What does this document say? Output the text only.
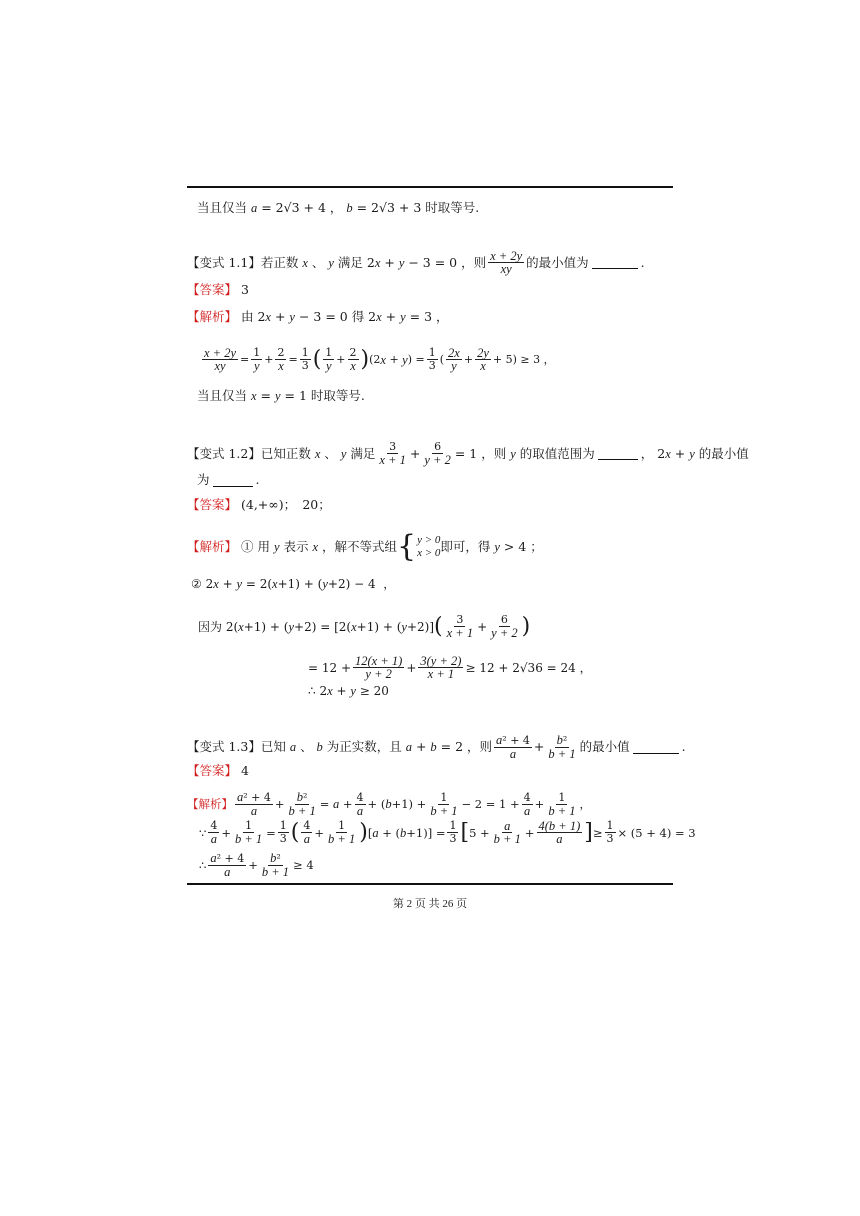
当且仅当 a = 2√3 + 4 ， b = 2√3 + 3 时取等号.
【变式 1.1】 若正数 x 、 y 满足 2 x + y − 3 = 0 ，则 $\frac{x + 2y}{xy}$ 的最小值为	.
【答案】
3
【解析】 由 2 x + y − 3 = 0 得 2 x + y = 3 ，
$\frac{x + 2y}{xy} = \frac{1}{y} + \frac{2}{x} = \frac{1}{3}$ ( $\frac{1}{y} + \frac{2}{x}$ ) (2 x + y ) = $\frac{1}{3}$ ( $\frac{2x}{y} + \frac{2y}{x} + 5) \ge 3$ ，
当且仅当 x = y = 1 时取等号.
【变式 1.2】 已知正数 x 、 y 满足 $\frac{3}{x + 1} + \frac{6}{y + 2} = 1$ ，则 y 的取值范围为	， 2 x + y 的最小值
为	.
【答案】
(4,+∞)；　20；
【解析】 ① 用 y 表示 x ，解不等式组 { y > 0
x > 0 即可，得 y > 4 ；
② 2 x + y = 2( x +1) + ( y +2) − 4  ，
因为 2( x +1) + ( y +2) = [2( x +1) + ( y +2)] ( $\frac{3}{x + 1} + \frac{6}{y + 2}$ )
= $12 + \frac{12(x + 1)}{y + 2} + \frac{3(y + 2)}{x + 1} \ge 12 + 2√36 = 24$ ，
∴ 2 x + y ≥ 20
【变式 1.3】 已知 a 、 b 为正实数，且 a + b = 2 ，则 $\frac{\text{a² + 4}}{a} + \frac{\text{b²}}{b + 1}$ 的最小值	.
【答案】
4
【解析】 $\frac{\text{a² + 4}}{a} + \frac{\text{b²}}{b + 1} = a + \frac{4}{a}$ + ( $b +1) + \frac{1}{b + 1} - 2 = 1 + \frac{4}{a} + \frac{1}{b + 1}$ ，
∵ $\frac{4}{a} + \frac{1}{b + 1} = \frac{1}{3}$ ( $\frac{4}{a} + \frac{1}{b + 1}$ ) [ a + ( $b +1)] = \frac{1}{3}$ [ $5 + \frac{a}{b + 1} + \frac{4(b + 1)}{a}$ ] ≥ $\frac{1}{3} \times (5 + 4) = 3$
∴ $\frac{\text{a² + 4}}{a} + \frac{\text{b²}}{b + 1} \ge 4$
第 2 页 共 26 页
